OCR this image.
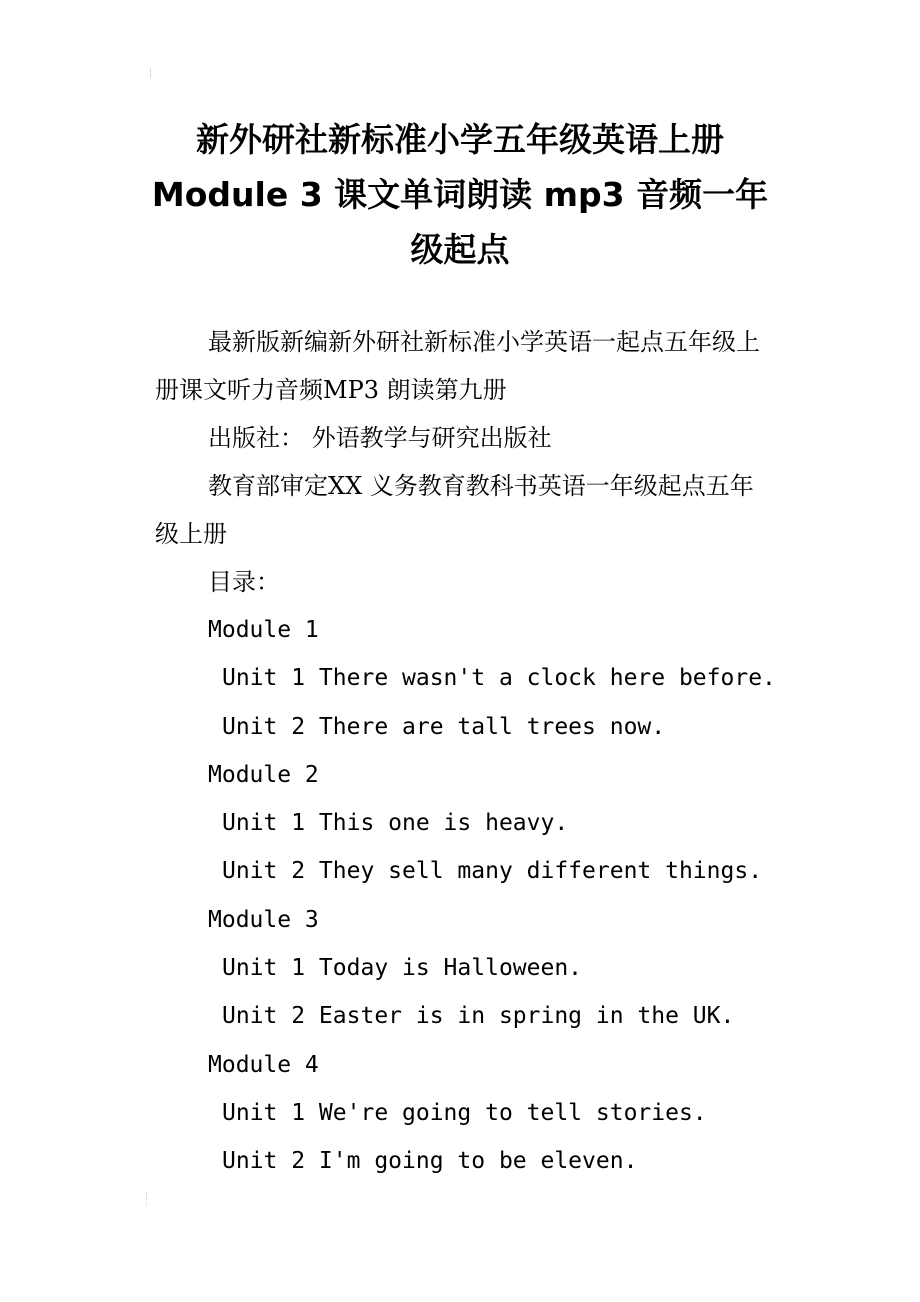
新外研社新标准小学五年级英语上册
Module 3 课文单词朗读 mp3 音频一年
级起点

最新版新编新外研社新标准小学英语一起点五年级上册课文听力音频MP3 朗读第九册

出版社： 外语教学与研究出版社

教育部审定XX 义务教育教科书英语一年级起点五年级上册

目录：

Module 1

Unit 1 There wasn't a clock here before.

Unit 2 There are tall trees now.

Module 2

Unit 1 This one is heavy.

Unit 2 They sell many different things.

Module 3

Unit 1 Today is Halloween.

Unit 2 Easter is in spring in the UK.

Module 4

Unit 1 We're going to tell stories.

Unit 2 I'm going to be eleven.
